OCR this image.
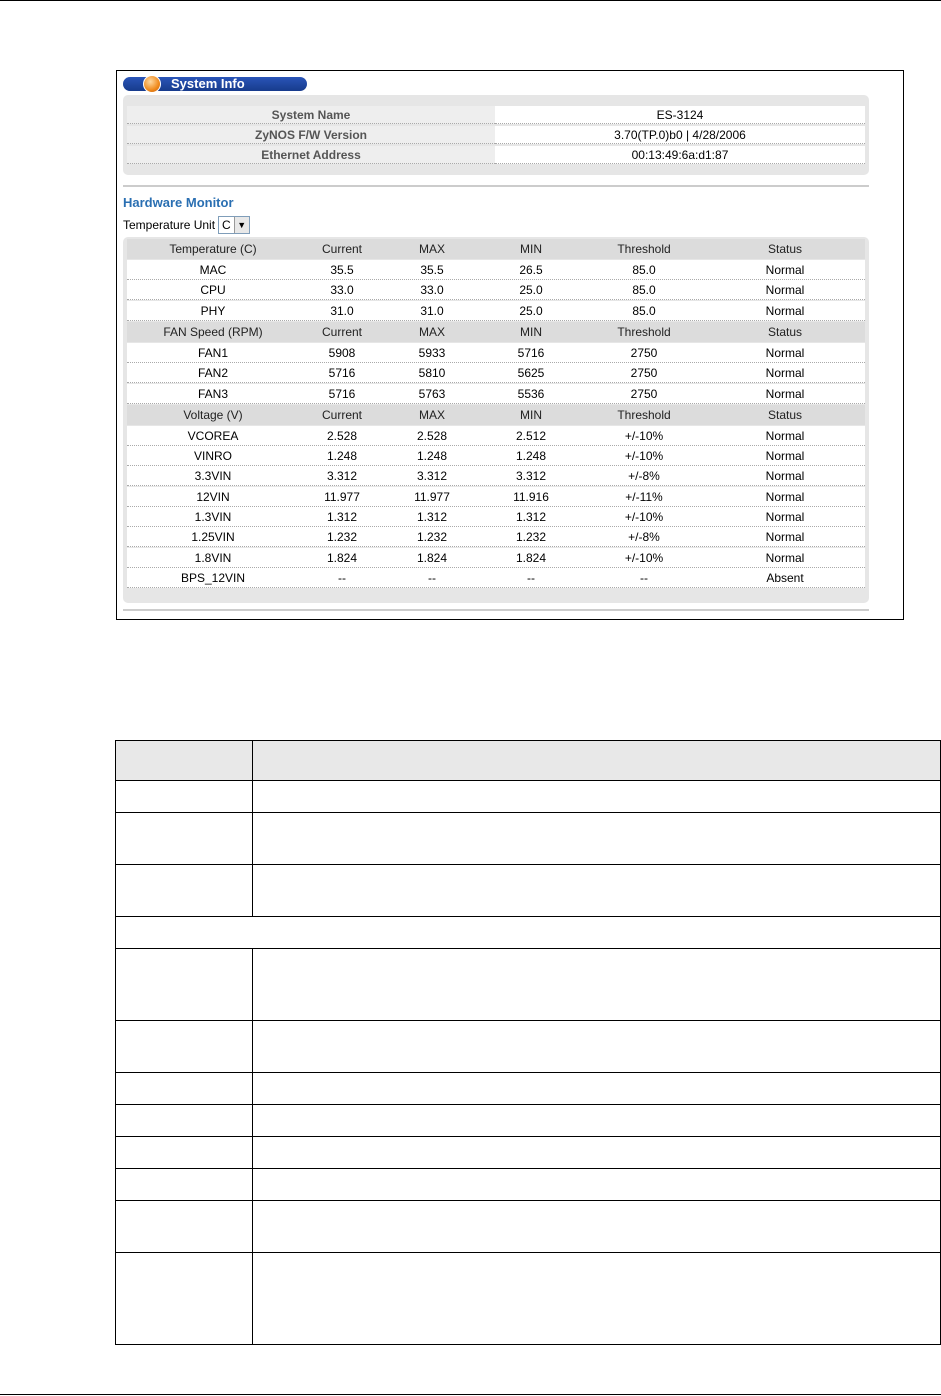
System Info
System Name	ES-3124
ZyNOS F/W Version	3.70(TP.0)b0 | 4/28/2006
Ethernet Address	00:13:49:6a:d1:87
Hardware Monitor
Temperature Unit C ▼
Temperature (C)	Current	MAX	MIN	Threshold	Status
MAC	35.5	35.5	26.5	85.0	Normal
CPU	33.0	33.0	25.0	85.0	Normal
PHY	31.0	31.0	25.0	85.0	Normal
FAN Speed (RPM)	Current	MAX	MIN	Threshold	Status
FAN1	5908	5933	5716	2750	Normal
FAN2	5716	5810	5625	2750	Normal
FAN3	5716	5763	5536	2750	Normal
Voltage (V)	Current	MAX	MIN	Threshold	Status
VCOREA	2.528	2.528	2.512	+/-10%	Normal
VINRO	1.248	1.248	1.248	+/-10%	Normal
3.3VIN	3.312	3.312	3.312	+/-8%	Normal
12VIN	11.977	11.977	11.916	+/-11%	Normal
1.3VIN	1.312	1.312	1.312	+/-10%	Normal
1.25VIN	1.232	1.232	1.232	+/-8%	Normal
1.8VIN	1.824	1.824	1.824	+/-10%	Normal
BPS_12VIN	--	--	--	--	Absent
